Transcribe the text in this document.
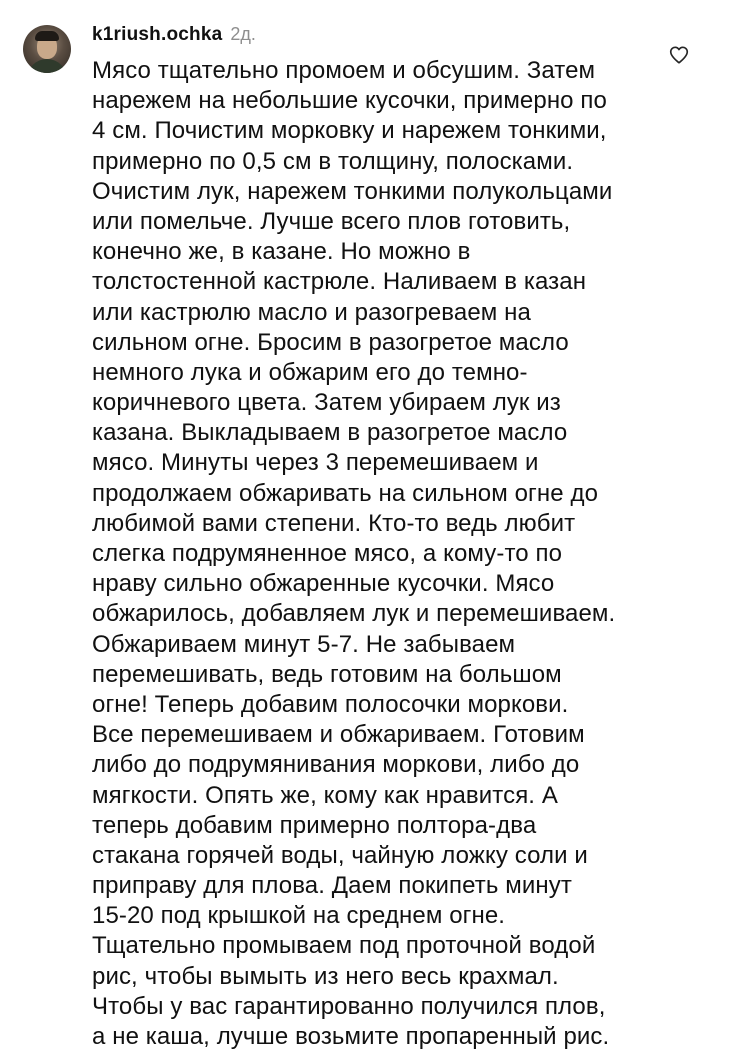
k1riush.ochka 2д.
Мясо тщательно промоем и обсушим. Затем
нарежем на небольшие кусочки, примерно по
4 см. Почистим морковку и нарежем тонкими,
примерно по 0,5 см в толщину, полосками.
Очистим лук, нарежем тонкими полукольцами
или помельче. Лучше всего плов готовить,
конечно же, в казане. Но можно в
толстостенной кастрюле. Наливаем в казан
или кастрюлю масло и разогреваем на
сильном огне. Бросим в разогретое масло
немного лука и обжарим его до темно-
коричневого цвета. Затем убираем лук из
казана. Выкладываем в разогретое масло
мясо. Минуты через 3 перемешиваем и
продолжаем обжаривать на сильном огне до
любимой вами степени. Кто-то ведь любит
слегка подрумяненное мясо, а кому-то по
нраву сильно обжаренные кусочки. Мясо
обжарилось, добавляем лук и перемешиваем.
Обжариваем минут 5-7. Не забываем
перемешивать, ведь готовим на большом
огне! Теперь добавим полосочки моркови.
Все перемешиваем и обжариваем. Готовим
либо до подрумянивания моркови, либо до
мягкости. Опять же, кому как нравится. А
теперь добавим примерно полтора-два
стакана горячей воды, чайную ложку соли и
приправу для плова. Даем покипеть минут
15-20 под крышкой на среднем огне.
Тщательно промываем под проточной водой
рис, чтобы вымыть из него весь крахмал.
Чтобы у вас гарантированно получился плов,
а не каша, лучше возьмите пропаренный рис.
